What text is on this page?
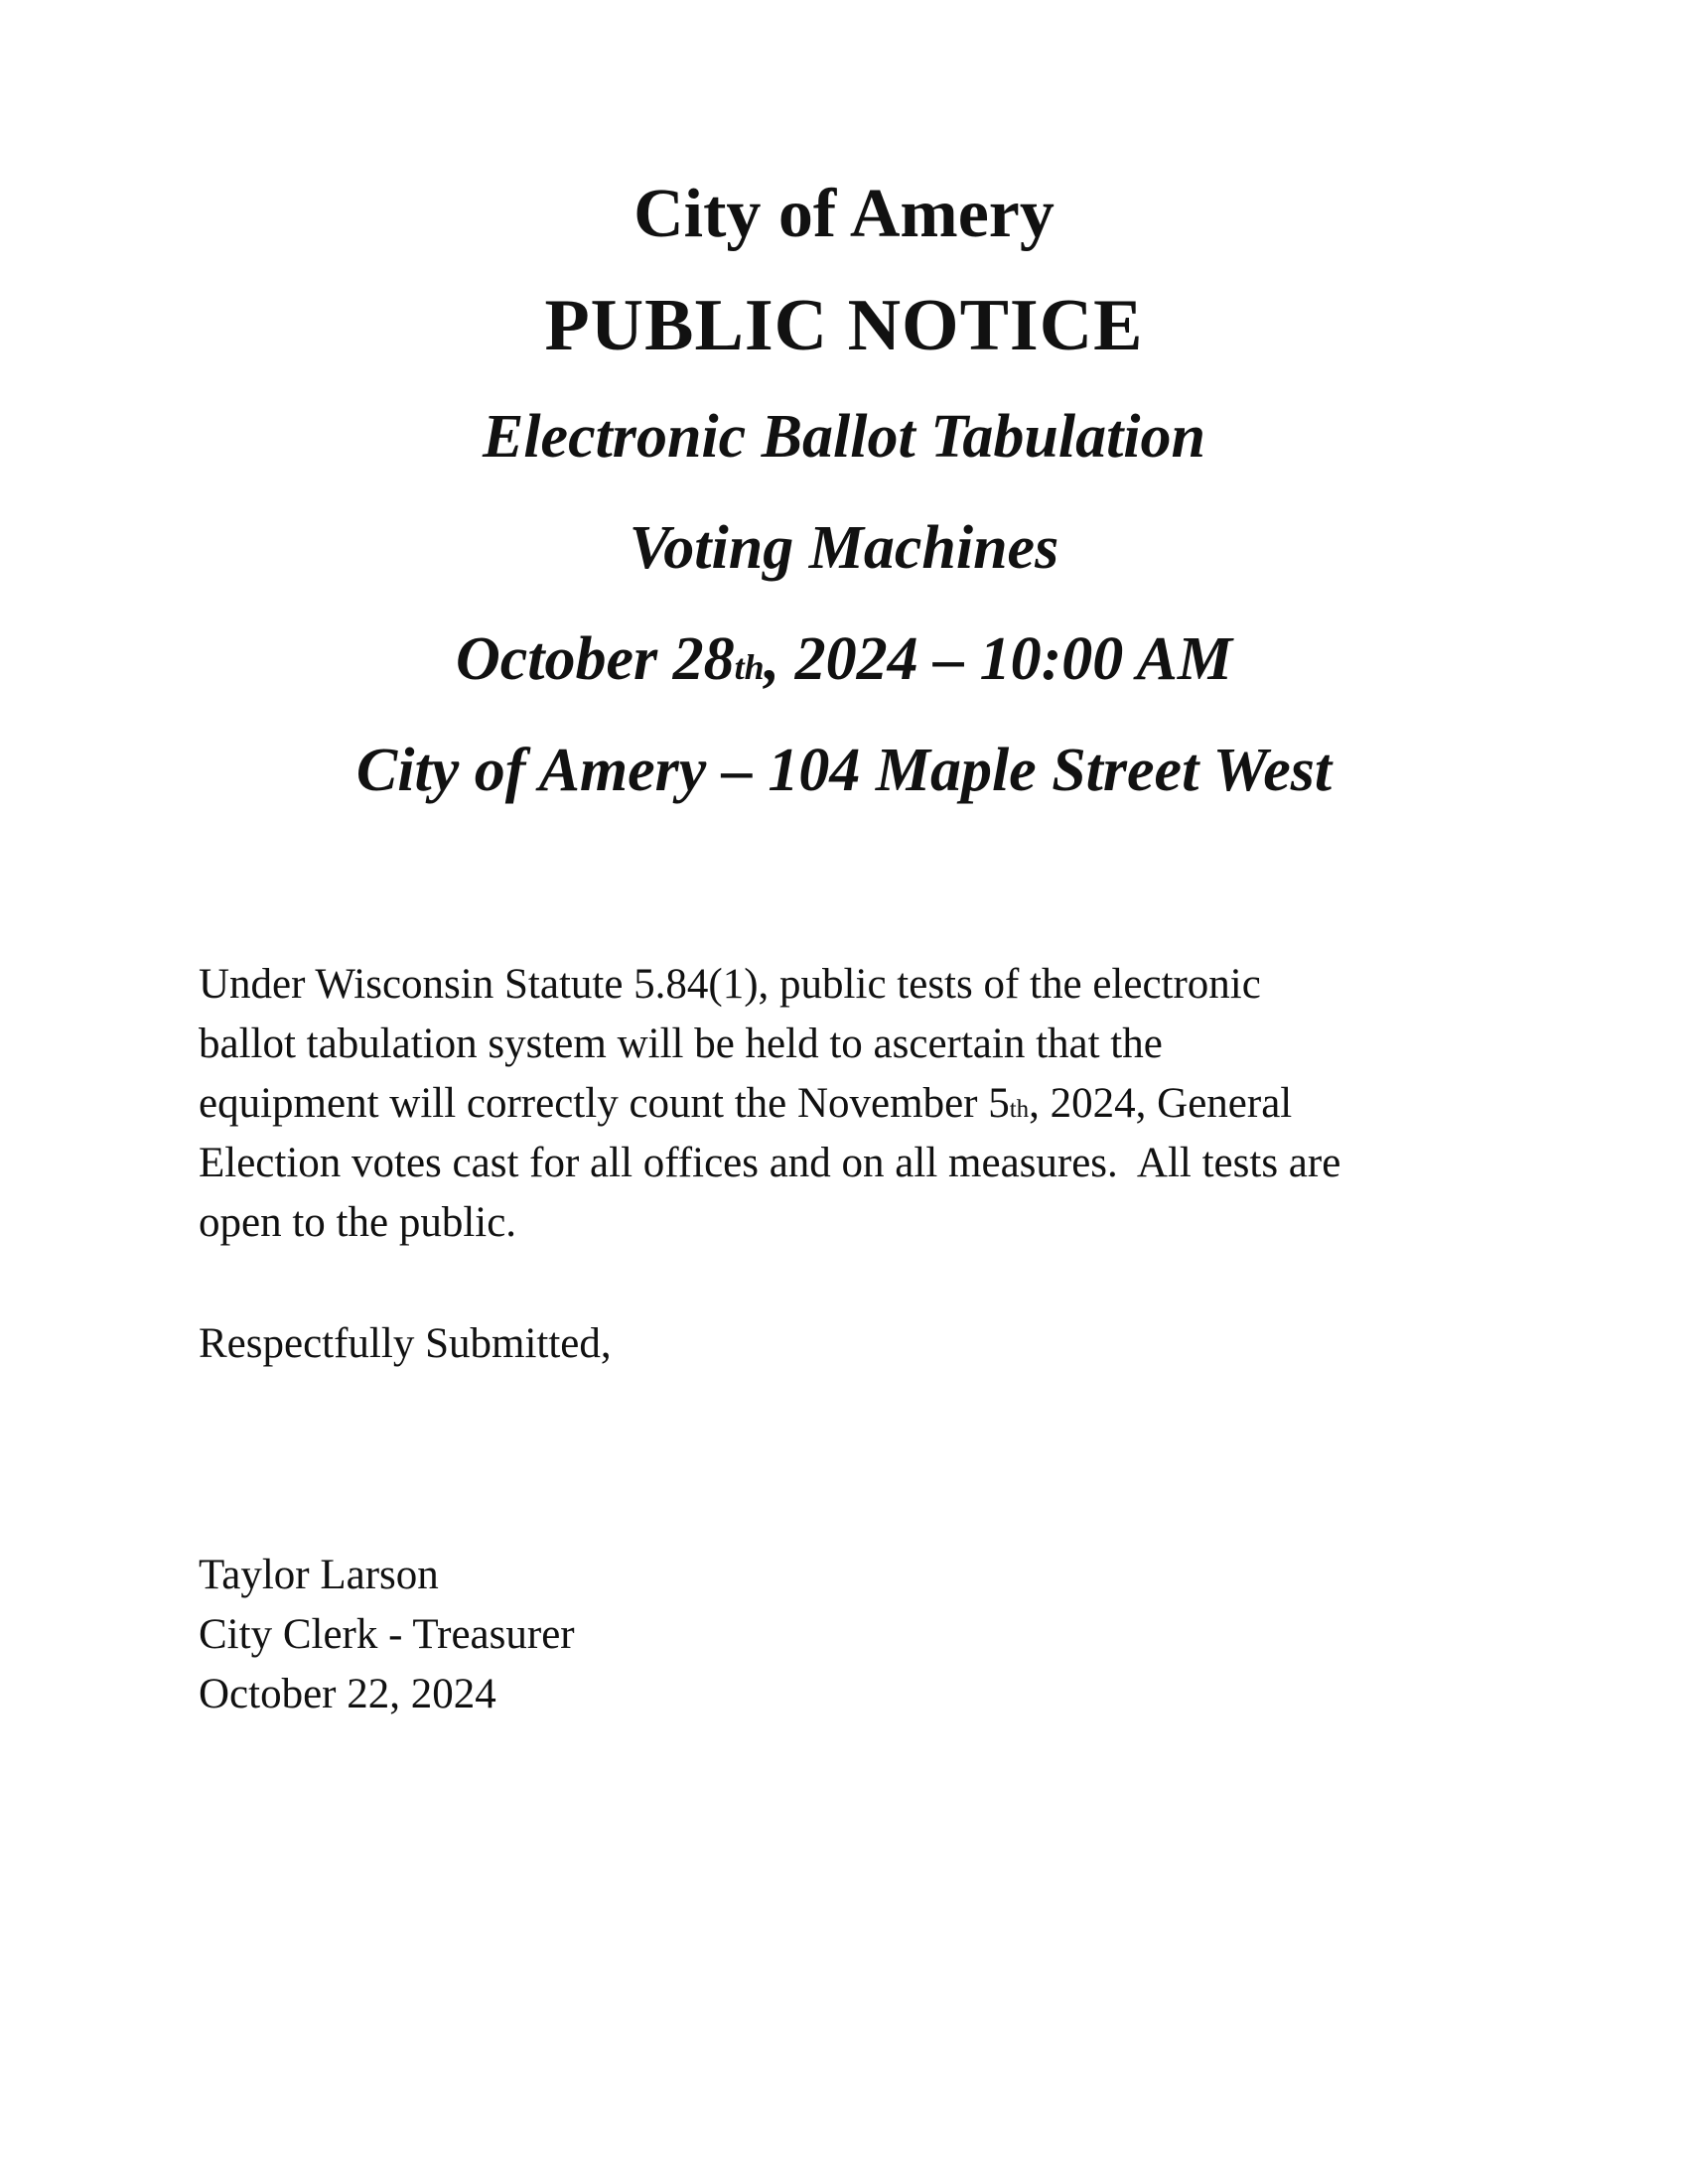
City of Amery
PUBLIC NOTICE
Electronic Ballot Tabulation
Voting Machines
October 28th, 2024 – 10:00 AM
City of Amery – 104 Maple Street West
Under Wisconsin Statute 5.84(1), public tests of the electronic
ballot tabulation system will be held to ascertain that the
equipment will correctly count the November 5th, 2024, General
Election votes cast for all offices and on all measures.  All tests are
open to the public.
Respectfully Submitted,
Taylor Larson
City Clerk - Treasurer
October 22, 2024
